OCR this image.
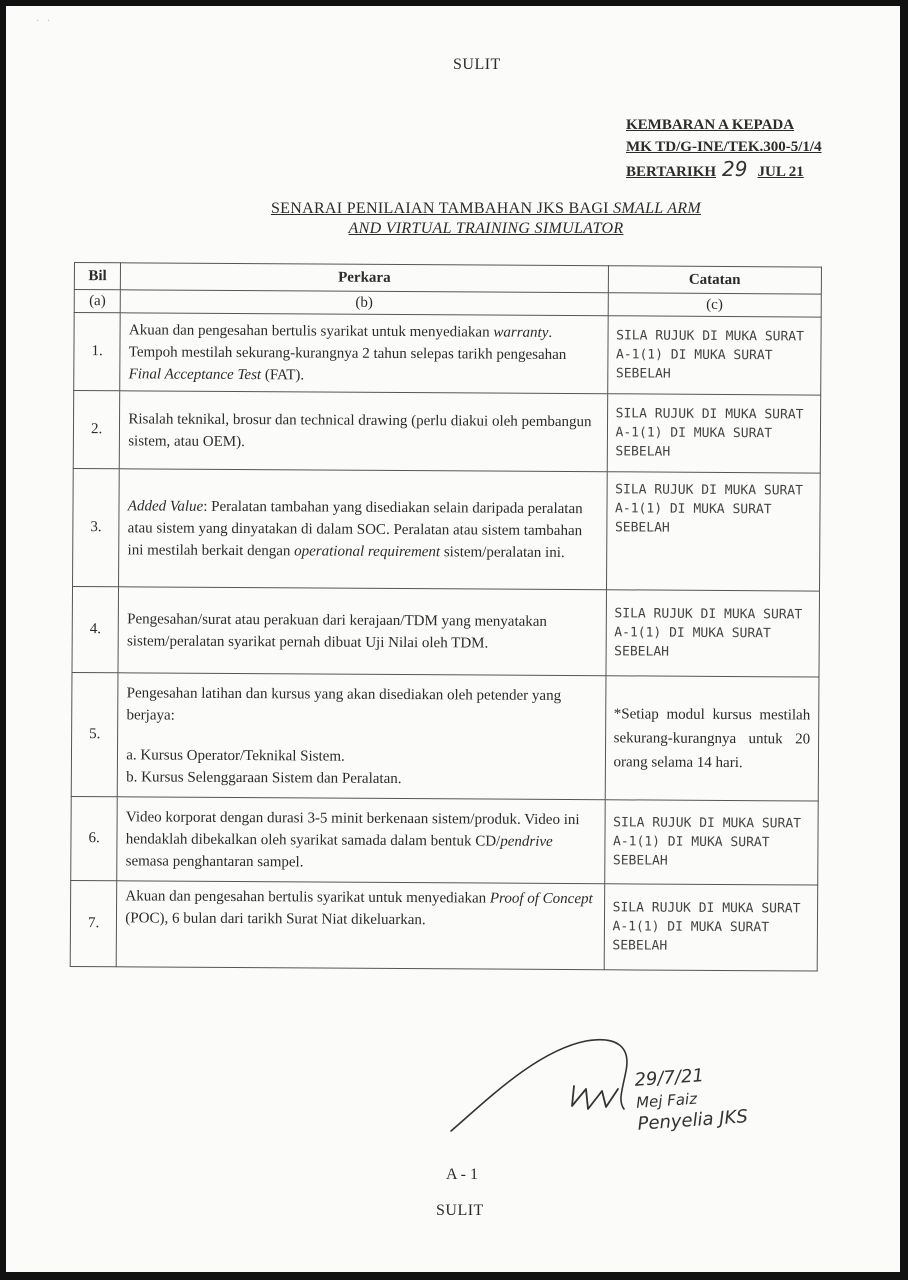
·   ·
SULIT
KEMBARAN A KEPADA
MK TD/G-INE/TEK.300-5/1/4
BERTARIKH 29 JUL 21
SENARAI PENILAIAN TAMBAHAN JKS BAGI SMALL ARM
AND VIRTUAL TRAINING SIMULATOR
Bil	Perkara	Catatan
(a)	(b)	(c)
1.	Akuan dan pengesahan bertulis syarikat untuk menyediakan warranty. Tempoh mestilah sekurang-kurangnya 2 tahun selepas tarikh pengesahan Final Acceptance Test (FAT).	SILA RUJUK DI MUKA SURAT A-1(1) DI MUKA SURAT SEBELAH
2.	Risalah teknikal, brosur dan technical drawing (perlu diakui oleh pembangun sistem, atau OEM).	SILA RUJUK DI MUKA SURAT A-1(1) DI MUKA SURAT SEBELAH
3.	Added Value: Peralatan tambahan yang disediakan selain daripada peralatan atau sistem yang dinyatakan di dalam SOC. Peralatan atau sistem tambahan ini mestilah berkait dengan operational requirement sistem/peralatan ini.	SILA RUJUK DI MUKA SURAT A-1(1) DI MUKA SURAT SEBELAH
4.	Pengesahan/surat atau perakuan dari kerajaan/TDM yang menyatakan sistem/peralatan syarikat pernah dibuat Uji Nilai oleh TDM.	SILA RUJUK DI MUKA SURAT A-1(1) DI MUKA SURAT SEBELAH
5.	Pengesahan latihan dan kursus yang akan disediakan oleh petender yang berjaya:
a. Kursus Operator/Teknikal Sistem.
b. Kursus Selenggaraan Sistem dan Peralatan.	*Setiap modul kursus mestilah sekurang-kurangnya untuk 20 orang selama 14 hari.
6.	Video korporat dengan durasi 3-5 minit berkenaan sistem/produk. Video ini hendaklah dibekalkan oleh syarikat samada dalam bentuk CD/pendrive semasa penghantaran sampel.	SILA RUJUK DI MUKA SURAT A-1(1) DI MUKA SURAT SEBELAH
7.	Akuan dan pengesahan bertulis syarikat untuk menyediakan Proof of Concept (POC), 6 bulan dari tarikh Surat Niat dikeluarkan.	SILA RUJUK DI MUKA SURAT A-1(1) DI MUKA SURAT SEBELAH
29/7/21
Mej Faiz
Penyelia JKS
A - 1
SULIT
